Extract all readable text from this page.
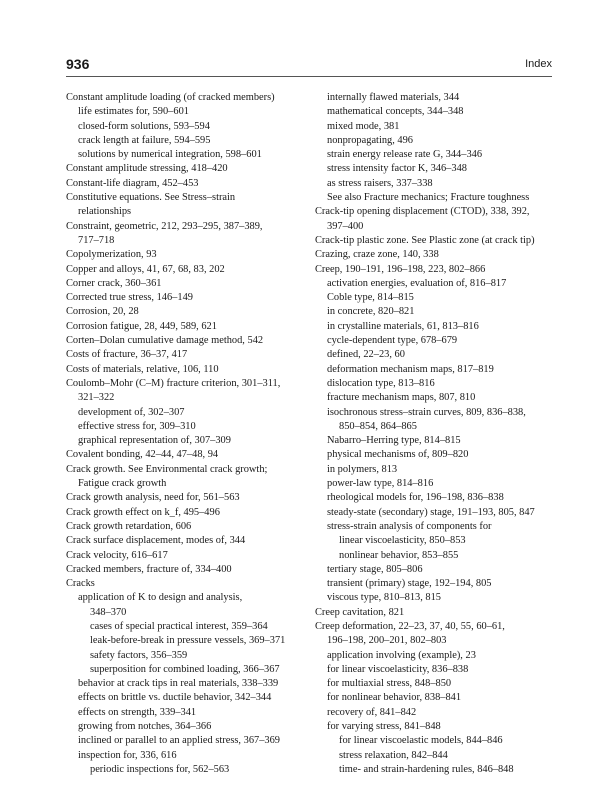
936	Index
Constant amplitude loading (of cracked members)
life estimates for, 590–601
closed-form solutions, 593–594
crack length at failure, 594–595
solutions by numerical integration, 598–601
Constant amplitude stressing, 418–420
Constant-life diagram, 452–453
Constitutive equations. See Stress–strain
relationships
Constraint, geometric, 212, 293–295, 387–389,
717–718
Copolymerization, 93
Copper and alloys, 41, 67, 68, 83, 202
Corner crack, 360–361
Corrected true stress, 146–149
Corrosion, 20, 28
Corrosion fatigue, 28, 449, 589, 621
Corten–Dolan cumulative damage method, 542
Costs of fracture, 36–37, 417
Costs of materials, relative, 106, 110
Coulomb–Mohr (C–M) fracture criterion, 301–311,
321–322
development of, 302–307
effective stress for, 309–310
graphical representation of, 307–309
Covalent bonding, 42–44, 47–48, 94
Crack growth. See Environmental crack growth;
Fatigue crack growth
Crack growth analysis, need for, 561–563
Crack growth effect on k_f, 495–496
Crack growth retardation, 606
Crack surface displacement, modes of, 344
Crack velocity, 616–617
Cracked members, fracture of, 334–400
Cracks
application of K to design and analysis,
348–370
cases of special practical interest, 359–364
leak-before-break in pressure vessels, 369–371
safety factors, 356–359
superposition for combined loading, 366–367
behavior at crack tips in real materials, 338–339
effects on brittle vs. ductile behavior, 342–344
effects on strength, 339–341
growing from notches, 364–366
inclined or parallel to an applied stress, 367–369
inspection for, 336, 616
periodic inspections for, 562–563
internally flawed materials, 344
mathematical concepts, 344–348
mixed mode, 381
nonpropagating, 496
strain energy release rate G, 344–346
stress intensity factor K, 346–348
as stress raisers, 337–338
See also Fracture mechanics; Fracture toughness
Crack-tip opening displacement (CTOD), 338, 392,
397–400
Crack-tip plastic zone. See Plastic zone (at crack tip)
Crazing, craze zone, 140, 338
Creep, 190–191, 196–198, 223, 802–866
activation energies, evaluation of, 816–817
Coble type, 814–815
in concrete, 820–821
in crystalline materials, 61, 813–816
cycle-dependent type, 678–679
defined, 22–23, 60
deformation mechanism maps, 817–819
dislocation type, 813–816
fracture mechanism maps, 807, 810
isochronous stress–strain curves, 809, 836–838,
850–854, 864–865
Nabarro–Herring type, 814–815
physical mechanisms of, 809–820
in polymers, 813
power-law type, 814–816
rheological models for, 196–198, 836–838
steady-state (secondary) stage, 191–193, 805, 847
stress-strain analysis of components for
linear viscoelasticity, 850–853
nonlinear behavior, 853–855
tertiary stage, 805–806
transient (primary) stage, 192–194, 805
viscous type, 810–813, 815
Creep cavitation, 821
Creep deformation, 22–23, 37, 40, 55, 60–61,
196–198, 200–201, 802–803
application involving (example), 23
for linear viscoelasticity, 836–838
for multiaxial stress, 848–850
for nonlinear behavior, 838–841
recovery of, 841–842
for varying stress, 841–848
for linear viscoelastic models, 844–846
stress relaxation, 842–844
time- and strain-hardening rules, 846–848
